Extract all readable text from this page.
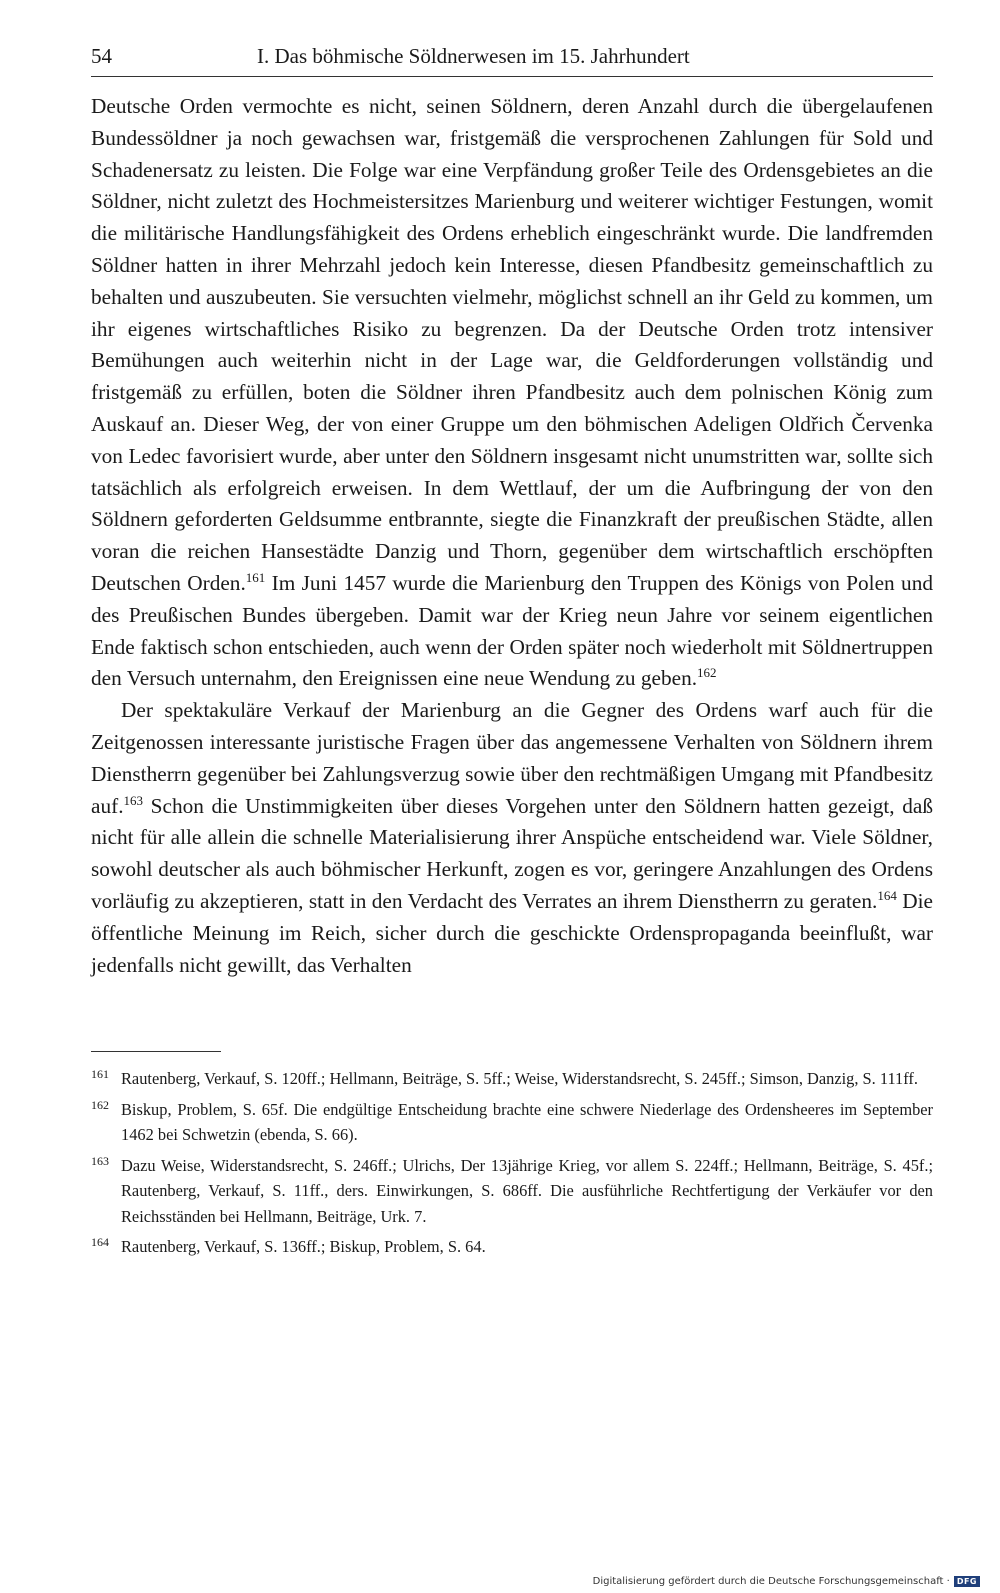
54	I. Das böhmische Söldnerwesen im 15. Jahrhundert

Deutsche Orden vermochte es nicht, seinen Söldnern, deren Anzahl durch die übergelaufenen Bundessöldner ja noch gewachsen war, fristgemäß die versprochenen Zahlungen für Sold und Schadenersatz zu leisten. Die Folge war eine Verpfändung großer Teile des Ordensgebietes an die Söldner, nicht zuletzt des Hochmeistersitzes Marienburg und weiterer wichtiger Festungen, womit die militärische Handlungsfähigkeit des Ordens erheblich eingeschränkt wurde. Die landfremden Söldner hatten in ihrer Mehrzahl jedoch kein Interesse, diesen Pfandbesitz gemeinschaftlich zu behalten und auszubeuten. Sie versuchten vielmehr, möglichst schnell an ihr Geld zu kommen, um ihr eigenes wirtschaftliches Risiko zu begrenzen. Da der Deutsche Orden trotz intensiver Bemühungen auch weiterhin nicht in der Lage war, die Geldforderungen vollständig und fristgemäß zu erfüllen, boten die Söldner ihren Pfandbesitz auch dem polnischen König zum Auskauf an. Dieser Weg, der von einer Gruppe um den böhmischen Adeligen Oldřich Červenka von Ledec favorisiert wurde, aber unter den Söldnern insgesamt nicht unumstritten war, sollte sich tatsächlich als erfolgreich erweisen. In dem Wettlauf, der um die Aufbringung der von den Söldnern geforderten Geldsumme entbrannte, siegte die Finanzkraft der preußischen Städte, allen voran die reichen Hansestädte Danzig und Thorn, gegenüber dem wirtschaftlich erschöpften Deutschen Orden.$^{161}$ Im Juni 1457 wurde die Marienburg den Truppen des Königs von Polen und des Preußischen Bundes übergeben. Damit war der Krieg neun Jahre vor seinem eigentlichen Ende faktisch schon entschieden, auch wenn der Orden später noch wiederholt mit Söldnertruppen den Versuch unternahm, den Ereignissen eine neue Wendung zu geben.$^{162}$

Der spektakuläre Verkauf der Marienburg an die Gegner des Ordens warf auch für die Zeitgenossen interessante juristische Fragen über das angemessene Verhalten von Söldnern ihrem Dienstherrn gegenüber bei Zahlungsverzug sowie über den rechtmäßigen Umgang mit Pfandbesitz auf.$^{163}$ Schon die Unstimmigkeiten über dieses Vorgehen unter den Söldnern hatten gezeigt, daß nicht für alle allein die schnelle Materialisierung ihrer Anspüche entscheidend war. Viele Söldner, sowohl deutscher als auch böhmischer Herkunft, zogen es vor, geringere Anzahlungen des Ordens vorläufig zu akzeptieren, statt in den Verdacht des Verrates an ihrem Dienstherrn zu geraten.$^{164}$ Die öffentliche Meinung im Reich, sicher durch die geschickte Ordenspropaganda beeinflußt, war jedenfalls nicht gewillt, das Verhalten

161 Rautenberg, Verkauf, S. 120ff.; Hellmann, Beiträge, S. 5ff.; Weise, Widerstandsrecht, S. 245ff.; Simson, Danzig, S. 111ff.

162 Biskup, Problem, S. 65f. Die endgültige Entscheidung brachte eine schwere Niederlage des Ordensheeres im September 1462 bei Schwetzin (ebenda, S. 66).

163 Dazu Weise, Widerstandsrecht, S. 246ff.; Ulrichs, Der 13jährige Krieg, vor allem S. 224ff.; Hellmann, Beiträge, S. 45f.; Rautenberg, Verkauf, S. 11ff., ders. Einwirkungen, S. 686ff. Die ausführliche Rechtfertigung der Verkäufer vor den Reichsständen bei Hellmann, Beiträge, Urk. 7.

164 Rautenberg, Verkauf, S. 136ff.; Biskup, Problem, S. 64.

Digitalisierung gefördert durch die Deutsche Forschungsgemeinschaft · DFG
